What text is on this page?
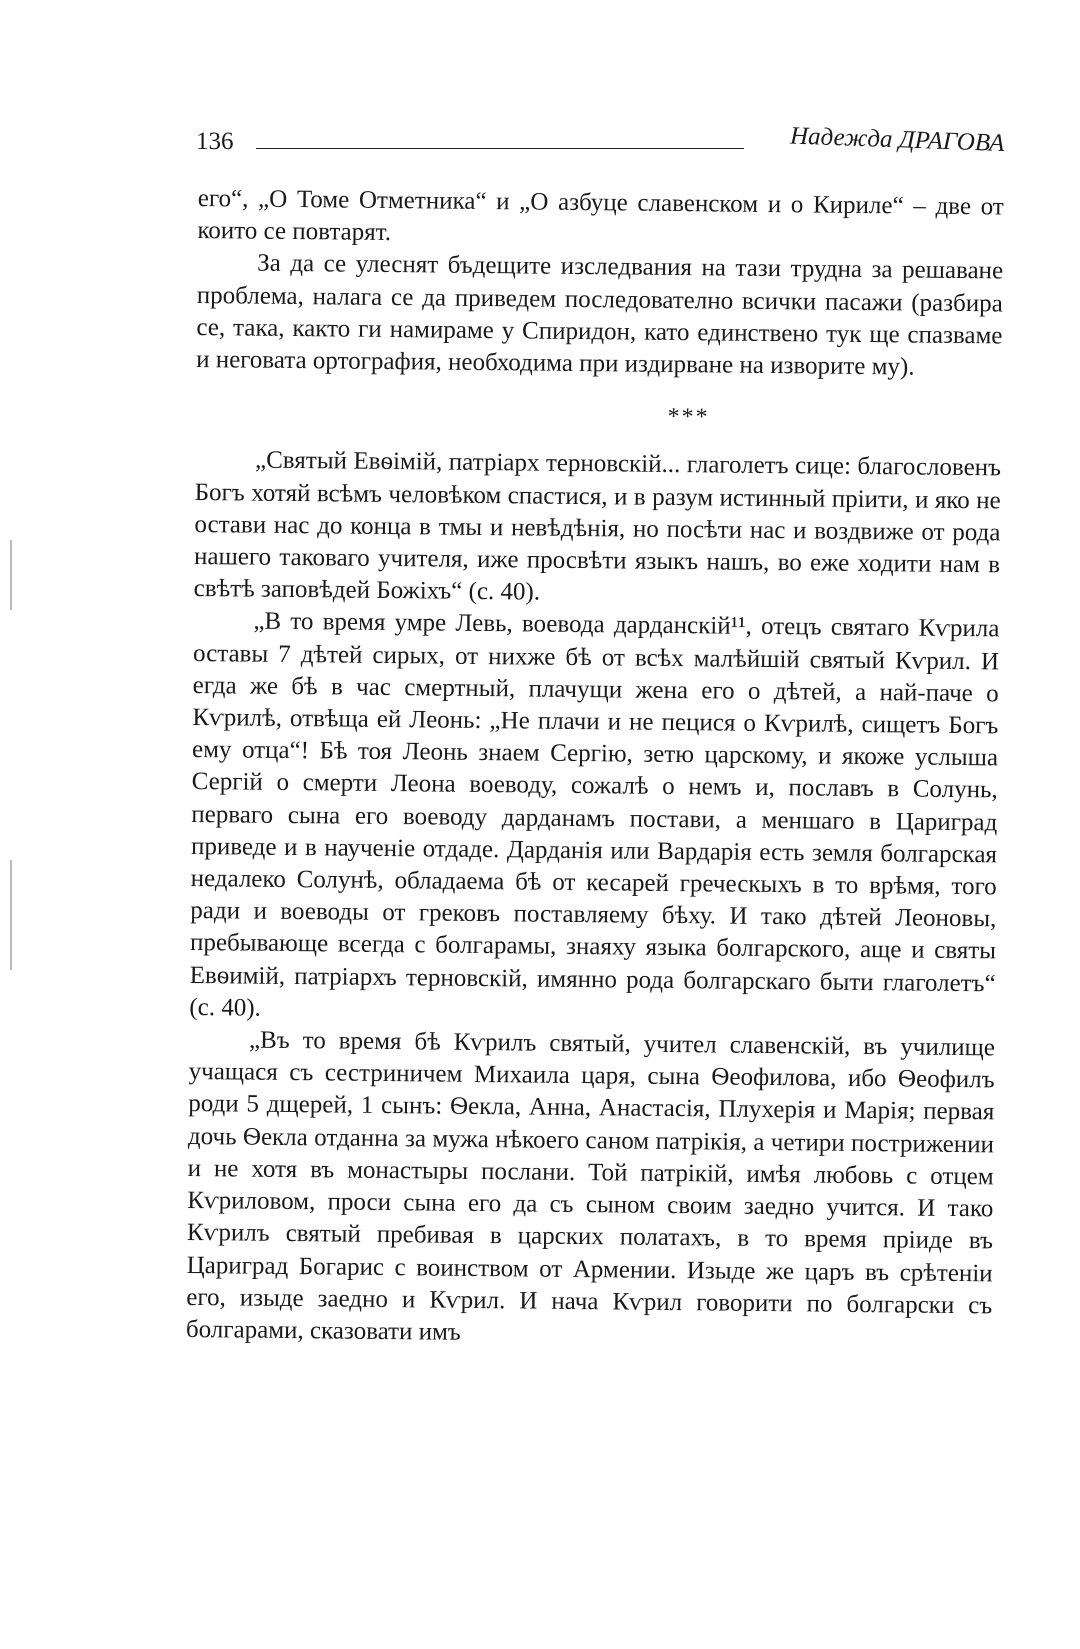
136	Надежда ДРАГОВА

его“, „О Томе Отметника“ и „О азбуце славенском и о Кириле“ – две от които се повтарят.

За да се улеснят бъдещите изследвания на тази трудна за решаване проблема, налага се да приведем последователно всички пасажи (разбира се, така, както ги намираме у Спиридон, като единствено тук ще спазваме и неговата ортография, необходима при издирване на изворите му).

***

„Святый Евѳімій, патріарх терновскій... глаголетъ сице: благословенъ Богъ хотяй всѣмъ человѣком спастися, и в разум истинный пріити, и яко не остави нас до конца в тмы и невѣдѣнія, но посѣти нас и воздвиже от рода нашего таковаго учителя, иже просвѣти языкъ нашъ, во еже ходити нам в свѣтѣ заповѣдей Божіхъ“ (с. 40).

„В то время умре Левь, воевода дарданскій¹¹, отецъ святаго Кѵрила оставы 7 дѣтей сирых, от нихже бѣ от всѣх малѣйшій святый Кѵрил. И егда же бѣ в час смертный, плачущи жена его о дѣтей, а най-паче о Кѵрилѣ, отвѣща ей Леонь: „Не плачи и не пецися о Кѵрилѣ, сищетъ Богъ ему отца“! Бѣ тоя Леонь знаем Сергію, зетю царскому, и якоже услыша Сергій о смерти Леона воеводу, сожалѣ о немъ и, пославъ в Солунь, перваго сына его воеводу дарданамъ постави, а меншаго в Цариград приведе и в наученіе отдаде. Дарданія или Вардарія есть земля болгарская недалеко Солунѣ, обладаема бѣ от кесарей греческыхъ в то врѣмя, того ради и воеводы от грековъ поставляему бѣху. И тако дѣтей Леоновы, пребывающе всегда с болгарамы, знаяху языка болгарского, аще и святы Евѳимій, патріархъ терновскій, имянно рода болгарскаго быти глаголетъ“ (с. 40).

„Въ то время бѣ Кѵрилъ святый, учител славенскій, въ училище учащася съ сестриничем Михаила царя, сына Ѳеофилова, ибо Ѳеофилъ роди 5 дщерей, 1 сынъ: Ѳекла, Анна, Анастасія, Плухерія и Марія; первая дочь Ѳекла отданна за мужа нѣкоего саном патрікія, а четири пострижении и не хотя въ монастыры послани. Той патрікій, имѣя любовь с отцем Кѵриловом, проси сына его да съ сыном своим заедно учится. И тако Кѵрилъ святый пребивая в царских полатахъ, в то время пріиде въ Цариград Богарис с воинством от Армении. Изыде же царъ въ срѣтеніи его, изыде заедно и Кѵрил. И нача Кѵрил говорити по болгарски съ болгарами, сказовати имъ
